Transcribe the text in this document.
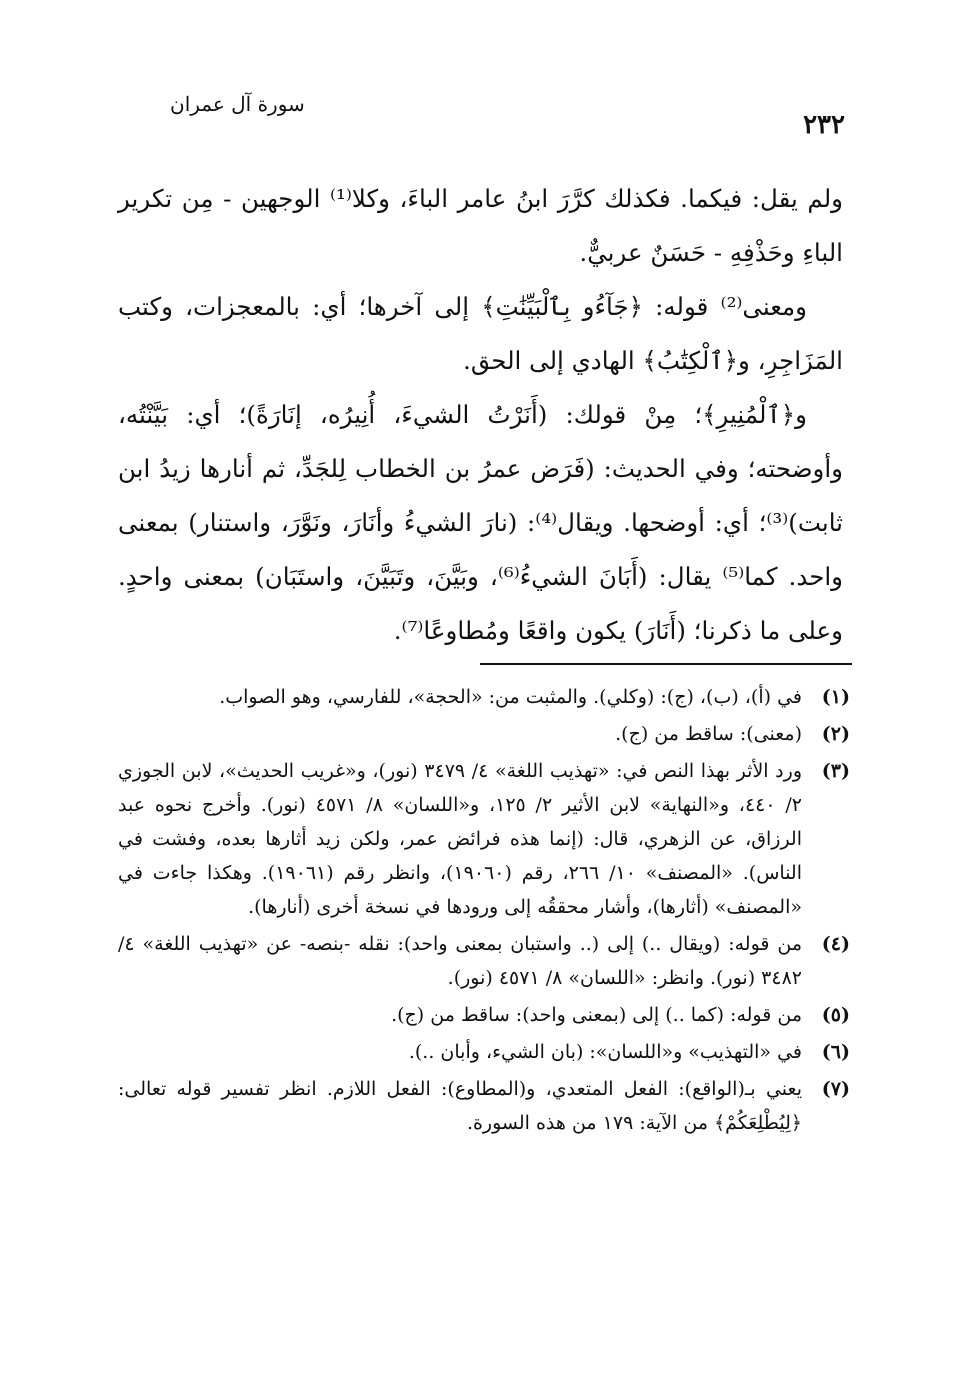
سورة آل عمران
٢٣٢

ولم يقل: فيكما. فكذلك كرَّرَ ابنُ عامر الباءَ، وكلا⁽¹⁾ الوجهين - مِن تكرير الباءِ وحَذْفِهِ - حَسَنٌ عربيٌّ.

ومعنى⁽²⁾ قوله: ﴿جَآءُو بِٱلْبَيِّنَٰتِ﴾ إلى آخرها؛ أي: بالمعجزات، وكتب المَزَاجِرِ، و﴿ٱلْكِتَٰبُ﴾ الهادي إلى الحق.

و﴿ٱلْمُنِيرِ﴾؛ مِنْ قولك: (أَنَرْتُ الشيءَ، أُنِيرُه، إنَارَةً)؛ أي: بَيَّنْتُه، وأوضحته؛ وفي الحديث: (فَرَض عمرُ بن الخطاب لِلجَدِّ، ثم أنارها زيدُ ابن ثابت)⁽³⁾؛ أي: أوضحها. ويقال⁽⁴⁾: (نارَ الشيءُ وأنَارَ، ونَوَّرَ، واستنار) بمعنى واحد. كما⁽⁵⁾ يقال: (أَبَانَ الشيءُ⁽⁶⁾، وبَيَّنَ، وتَبَيَّنَ، واستَبَان) بمعنى واحدٍ. وعلى ما ذكرنا؛ (أَنَارَ) يكون واقعًا ومُطاوعًا⁽⁷⁾.

(١)
في (أ)، (ب)، (ج): (وكلي). والمثبت من: «الحجة»، للفارسي، وهو الصواب.
(٢)
(معنى): ساقط من (ج).
(٣)
ورد الأثر بهذا النص في: «تهذيب اللغة» ٤/ ٣٤٧٩ (نور)، و«غريب الحديث»، لابن الجوزي ٢/ ٤٤٠، و«النهاية» لابن الأثير ٢/ ١٢٥، و«اللسان» ٨/ ٤٥٧١ (نور). وأخرج نحوه عبد الرزاق، عن الزهري، قال: (إنما هذه فرائض عمر، ولكن زيد أثارها بعده، وفشت في الناس). «المصنف» ١٠/ ٢٦٦، رقم (١٩٠٦٠)، وانظر رقم (١٩٠٦١). وهكذا جاءت في «المصنف» (أثارها)، وأشار محققُه إلى ورودها في نسخة أخرى (أنارها).
(٤)
من قوله: (ويقال ..) إلى (.. واستبان بمعنى واحد): نقله -بنصه- عن «تهذيب اللغة» ٤/ ٣٤٨٢ (نور). وانظر: «اللسان» ٨/ ٤٥٧١ (نور).
(٥)
من قوله: (كما ..) إلى (بمعنى واحد): ساقط من (ج).
(٦)
في «التهذيب» و«اللسان»: (بان الشيء، وأبان ..).
(٧)
يعني بـ(الواقع): الفعل المتعدي، و(المطاوع): الفعل اللازم. انظر تفسير قوله تعالى: ﴿لِيُطْلِعَكُمْ﴾ من الآية: ١٧٩ من هذه السورة.
